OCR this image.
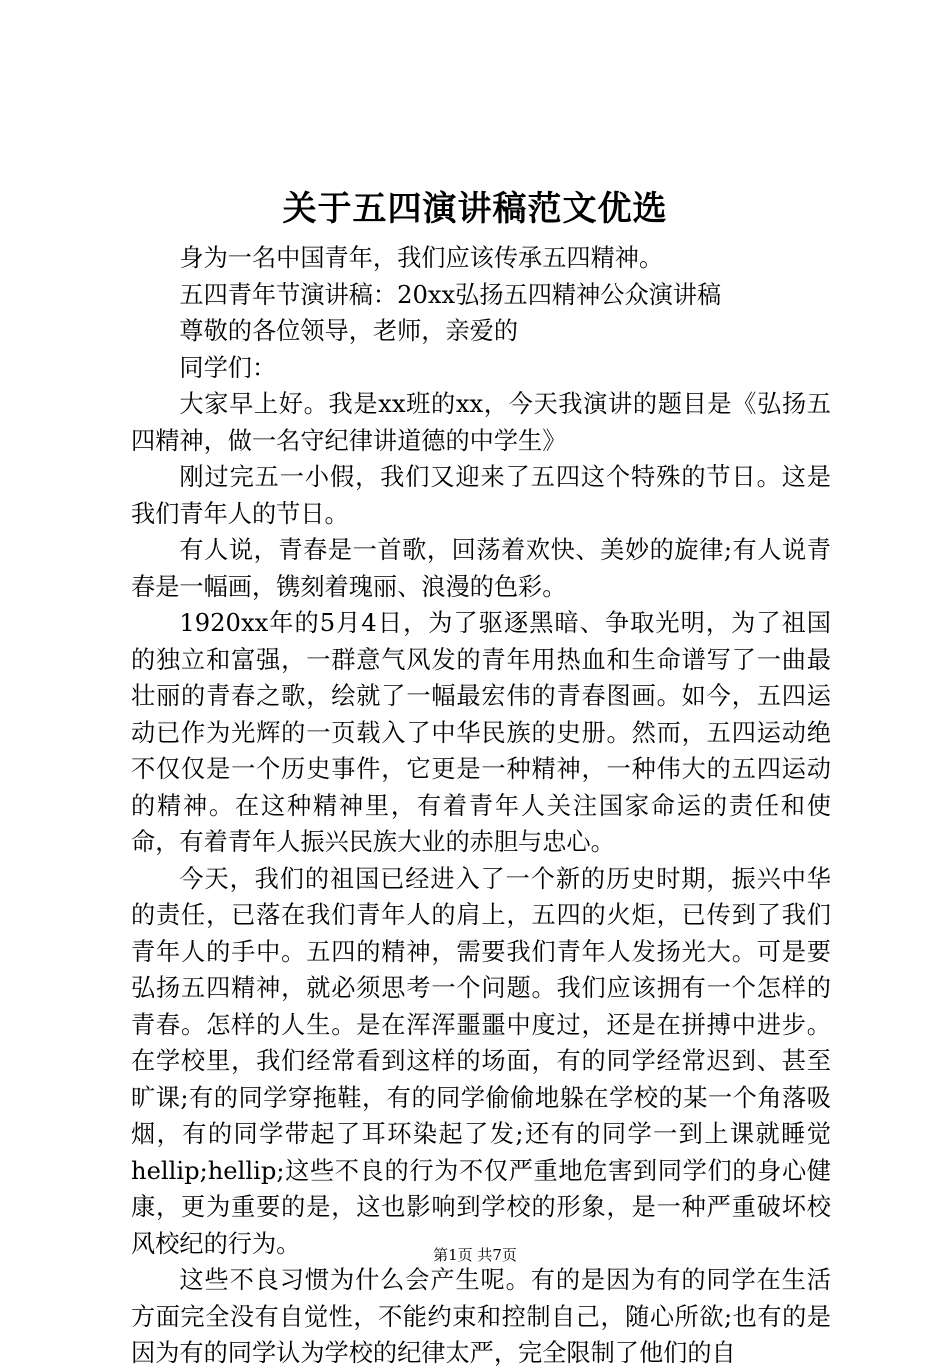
关于五四演讲稿范文优选

身为一名中国青年，我们应该传承五四精神。

五四青年节演讲稿：20xx弘扬五四精神公众演讲稿

尊敬的各位领导，老师，亲爱的

同学们：

大家早上好。我是xx班的xx，今天我演讲的题目是《弘扬五四精神，做一名守纪律讲道德的中学生》

刚过完五一小假，我们又迎来了五四这个特殊的节日。这是我们青年人的节日。

有人说，青春是一首歌，回荡着欢快、美妙的旋律;有人说青春是一幅画，镌刻着瑰丽、浪漫的色彩。

1920xx年的5月4日，为了驱逐黑暗、争取光明，为了祖国的独立和富强，一群意气风发的青年用热血和生命谱写了一曲最壮丽的青春之歌，绘就了一幅最宏伟的青春图画。如今，五四运动已作为光辉的一页载入了中华民族的史册。然而，五四运动绝不仅仅是一个历史事件，它更是一种精神，一种伟大的五四运动的精神。在这种精神里，有着青年人关注国家命运的责任和使命，有着青年人振兴民族大业的赤胆与忠心。

今天，我们的祖国已经进入了一个新的历史时期，振兴中华的责任，已落在我们青年人的肩上，五四的火炬，已传到了我们青年人的手中。五四的精神，需要我们青年人发扬光大。可是要弘扬五四精神，就必须思考一个问题。我们应该拥有一个怎样的青春。怎样的人生。是在浑浑噩噩中度过，还是在拼搏中进步。在学校里，我们经常看到这样的场面，有的同学经常迟到、甚至旷课;有的同学穿拖鞋，有的同学偷偷地躲在学校的某一个角落吸烟，有的同学带起了耳环染起了发;还有的同学一到上课就睡觉hellip;hellip;这些不良的行为不仅严重地危害到同学们的身心健康，更为重要的是，这也影响到学校的形象，是一种严重破坏校风校纪的行为。

这些不良习惯为什么会产生呢。有的是因为有的同学在生活方面完全没有自觉性，不能约束和控制自己，随心所欲;也有的是因为有的同学认为学校的纪律太严，完全限制了他们的自

第1页 共7页
